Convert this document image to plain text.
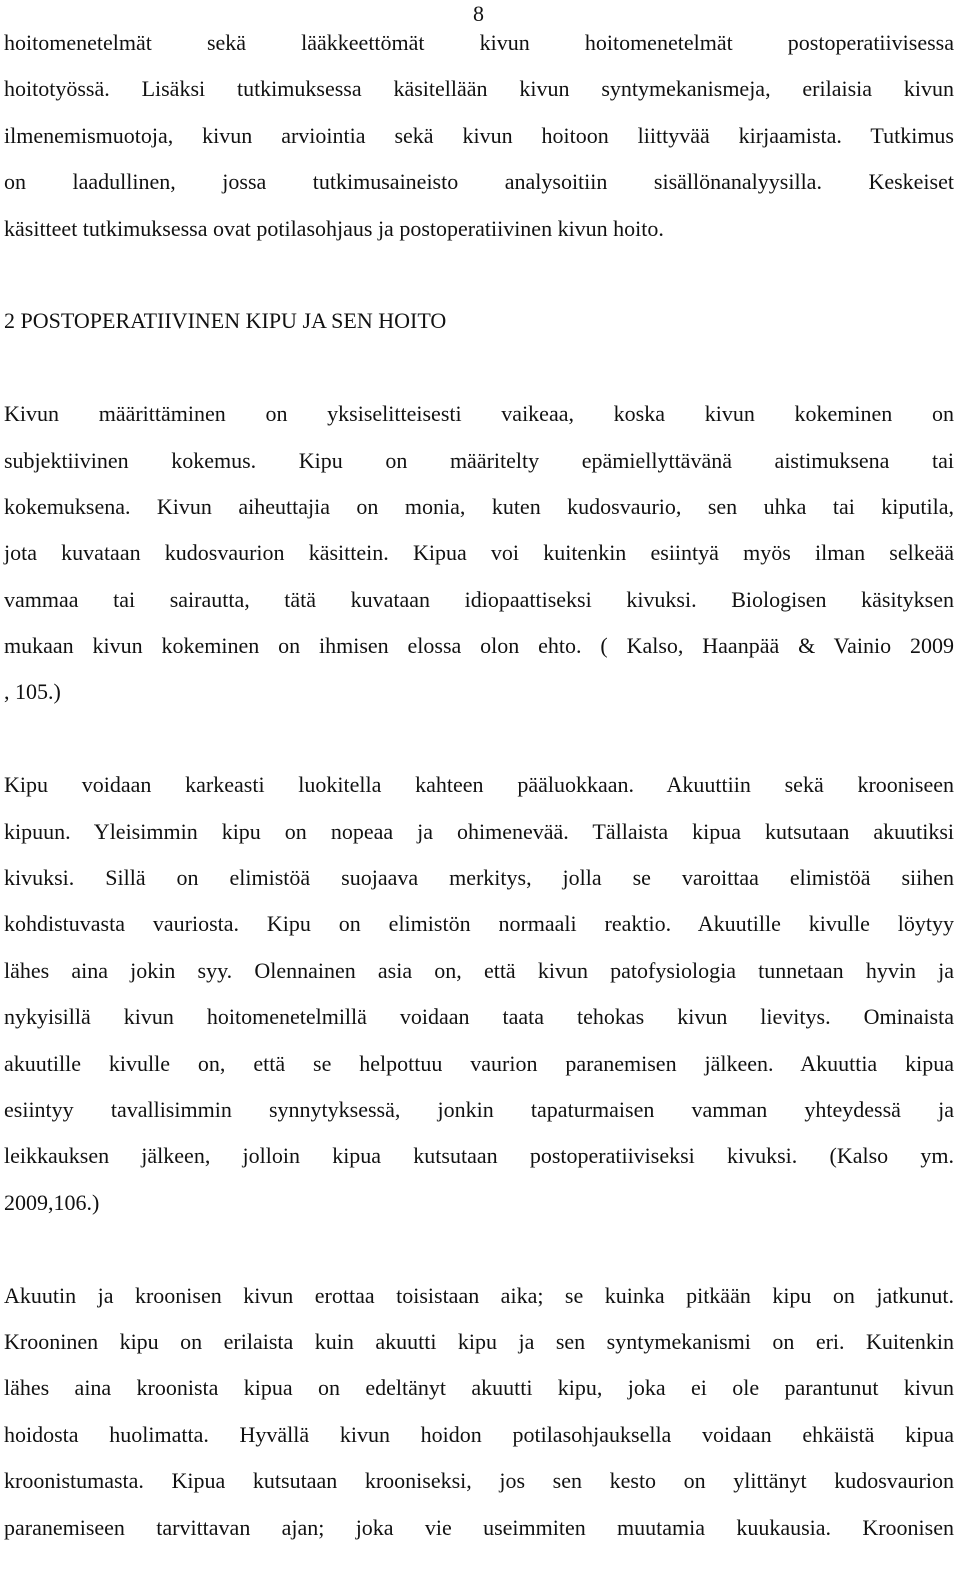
8
hoitomenetelmät sekä lääkkeettömät kivun hoitomenetelmät postoperatiivisessa
hoitotyössä. Lisäksi tutkimuksessa käsitellään kivun syntymekanismeja, erilaisia kivun
ilmenemismuotoja, kivun arviointia sekä kivun hoitoon liittyvää kirjaamista. Tutkimus
on laadullinen, jossa tutkimusaineisto analysoitiin sisällönanalyysilla. Keskeiset
käsitteet tutkimuksessa ovat potilasohjaus ja postoperatiivinen kivun hoito.
2 POSTOPERATIIVINEN KIPU JA SEN HOITO
Kivun määrittäminen on yksiselitteisesti vaikeaa, koska kivun kokeminen on
subjektiivinen kokemus. Kipu on määritelty epämiellyttävänä aistimuksena tai
kokemuksena. Kivun aiheuttajia on monia, kuten kudosvaurio, sen uhka tai kiputila,
jota kuvataan kudosvaurion käsittein. Kipua voi kuitenkin esiintyä myös ilman selkeää
vammaa tai sairautta, tätä kuvataan idiopaattiseksi kivuksi. Biologisen käsityksen
mukaan kivun kokeminen on ihmisen elossa olon ehto. ( Kalso, Haanpää & Vainio 2009
, 105.)
Kipu voidaan karkeasti luokitella kahteen pääluokkaan. Akuuttiin sekä krooniseen
kipuun. Yleisimmin kipu on nopeaa ja ohimenevää. Tällaista kipua kutsutaan akuutiksi
kivuksi. Sillä on elimistöä suojaava merkitys, jolla se varoittaa elimistöä siihen
kohdistuvasta vauriosta. Kipu on elimistön normaali reaktio. Akuutille kivulle löytyy
lähes aina jokin syy. Olennainen asia on, että kivun patofysiologia tunnetaan hyvin ja
nykyisillä kivun hoitomenetelmillä voidaan taata tehokas kivun lievitys. Ominaista
akuutille kivulle on, että se helpottuu vaurion paranemisen jälkeen. Akuuttia kipua
esiintyy tavallisimmin synnytyksessä, jonkin tapaturmaisen vamman yhteydessä ja
leikkauksen jälkeen, jolloin kipua kutsutaan postoperatiiviseksi kivuksi. (Kalso ym.
2009,106.)
Akuutin ja kroonisen kivun erottaa toisistaan aika; se kuinka pitkään kipu on jatkunut.
Krooninen kipu on erilaista kuin akuutti kipu ja sen syntymekanismi on eri. Kuitenkin
lähes aina kroonista kipua on edeltänyt akuutti kipu, joka ei ole parantunut kivun
hoidosta huolimatta. Hyvällä kivun hoidon potilasohjauksella voidaan ehkäistä kipua
kroonistumasta. Kipua kutsutaan krooniseksi, jos sen kesto on ylittänyt kudosvaurion
paranemiseen tarvittavan ajan; joka vie useimmiten muutamia kuukausia. Kroonisen
